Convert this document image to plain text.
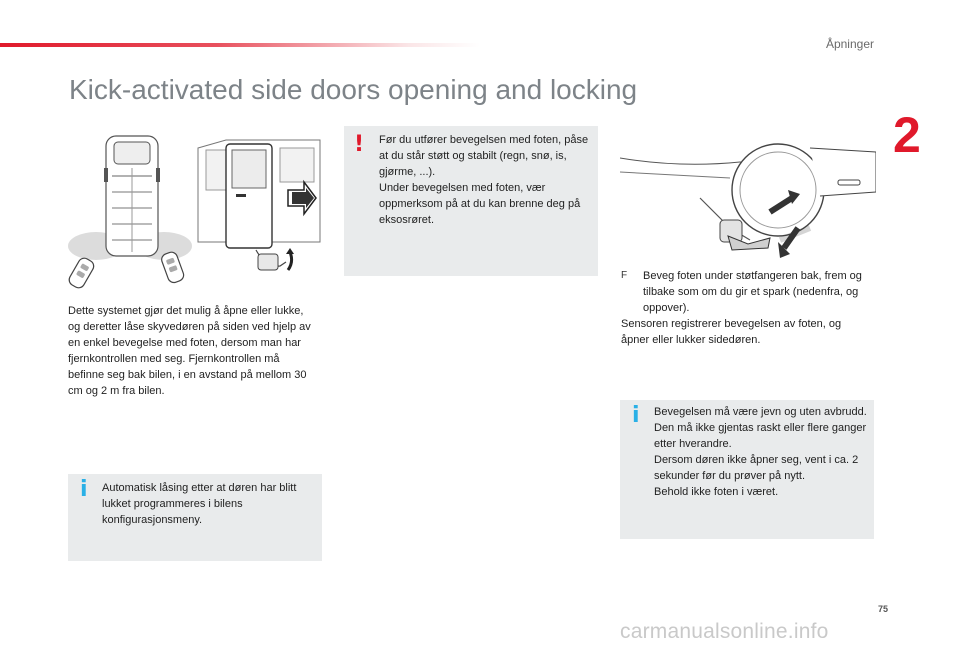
Åpninger
2
Kick-activated side doors opening and locking
Dette systemet gjør det mulig å åpne eller lukke, og deretter låse skyvedøren på siden ved hjelp av en enkel bevegelse med foten, dersom man har fjernkontrollen med seg. Fjernkontrollen må befinne seg bak bilen, i en avstand på mellom 30 cm og 2 m fra bilen.
i Automatisk låsing etter at døren har blitt lukket programmeres i bilens konfigurasjonsmeny.
! Før du utfører bevegelsen med foten, påse at du står støtt og stabilt (regn, snø, is, gjørme, ...).
Under bevegelsen med foten, vær oppmerksom på at du kan brenne deg på eksosrøret.
F Beveg foten under støtfangeren bak, frem og tilbake som om du gir et spark (nedenfra, og oppover).
Sensoren registrerer bevegelsen av foten, og åpner eller lukker sidedøren.
i Bevegelsen må være jevn og uten avbrudd. Den må ikke gjentas raskt eller flere ganger etter hverandre.
Dersom døren ikke åpner seg, vent i ca. 2 sekunder før du prøver på nytt.
Behold ikke foten i været.
75
carmanualsonline.info
